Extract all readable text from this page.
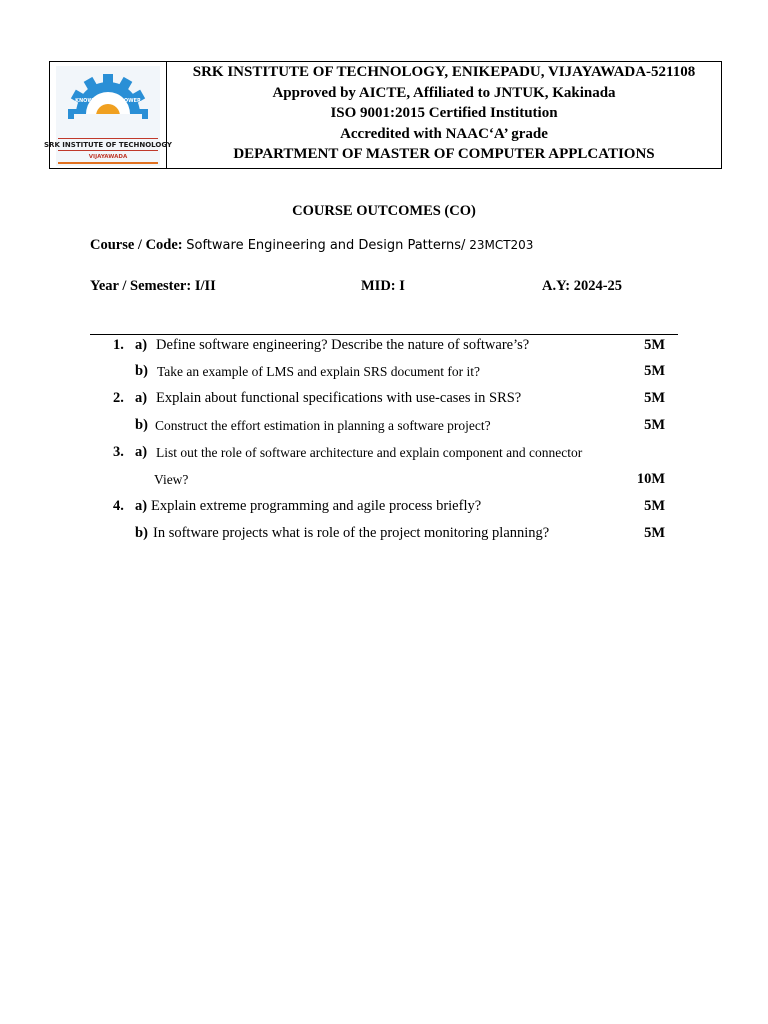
KNOWLEDGE IS POWER
SRK INSTITUTE OF TECHNOLOGY
VIJAYAWADA
SRK INSTITUTE OF TECHNOLOGY, ENIKEPADU, VIJAYAWADA-521108
Approved by AICTE, Affiliated to JNTUK, Kakinada
ISO 9001:2015 Certified Institution
Accredited with NAAC‘A’ grade
DEPARTMENT OF MASTER OF COMPUTER APPLCATIONS
COURSE OUTCOMES (CO)
Course / Code: Software Engineering and Design Patterns/ 23MCT203
Year / Semester: I/II	MID: I	A.Y: 2024-25
1. a) Define software engineering? Describe the nature of software’s?	5M
b) Take an example of LMS and explain SRS document for it?	5M
2. a) Explain about functional specifications with use-cases in SRS?	5M
b) Construct the effort estimation in planning a software project?	5M
3. a) List out the role of software architecture and explain component and connector
View?	10M
4. a) Explain extreme programming and agile process briefly?	5M
b) In software projects what is role of the project monitoring planning?	5M
